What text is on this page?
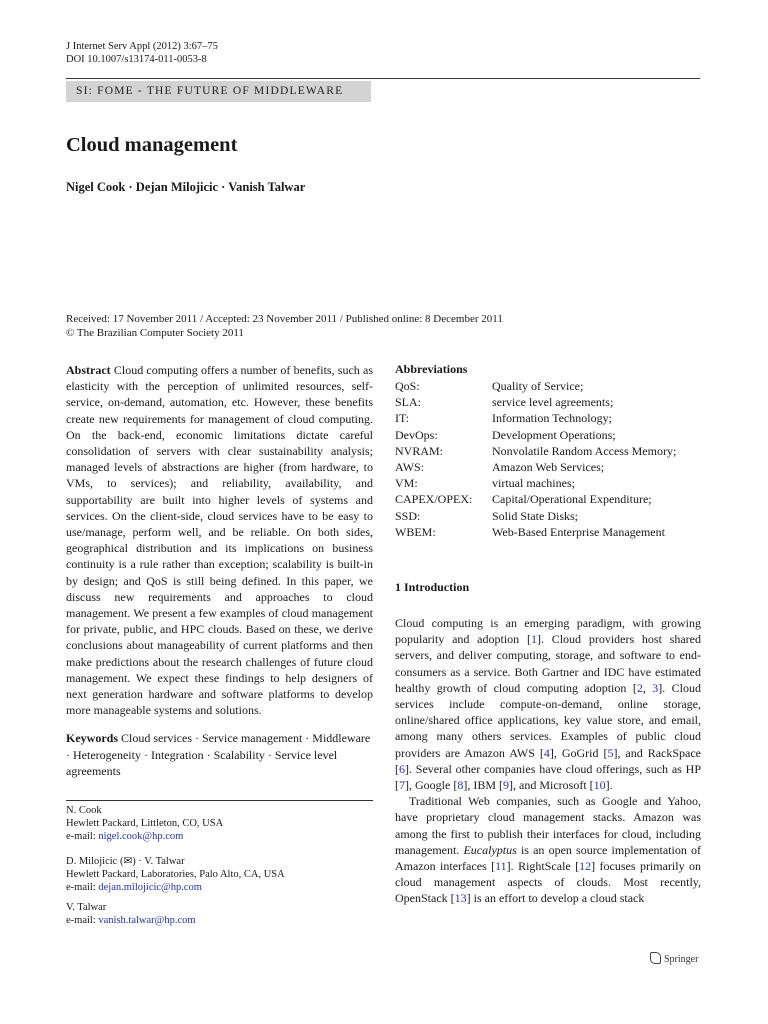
J Internet Serv Appl (2012) 3:67–75
DOI 10.1007/s13174-011-0053-8
SI: FOME - THE FUTURE OF MIDDLEWARE
Cloud management
Nigel Cook · Dejan Milojicic · Vanish Talwar
Received: 17 November 2011 / Accepted: 23 November 2011 / Published online: 8 December 2011
© The Brazilian Computer Society 2011
Abstract Cloud computing offers a number of benefits, such as elasticity with the perception of unlimited resources, self-service, on-demand, automation, etc. However, these benefits create new requirements for management of cloud computing. On the back-end, economic limitations dictate careful consolidation of servers with clear sustainability analysis; managed levels of abstractions are higher (from hardware, to VMs, to services); and reliability, availability, and supportability are built into higher levels of systems and services. On the client-side, cloud services have to be easy to use/manage, perform well, and be reliable. On both sides, geographical distribution and its implications on business continuity is a rule rather than exception; scalability is built-in by design; and QoS is still being defined. In this paper, we discuss new requirements and approaches to cloud management. We present a few examples of cloud management for private, public, and HPC clouds. Based on these, we derive conclusions about manageability of current platforms and then make predictions about the research challenges of future cloud management. We expect these findings to help designers of next generation hardware and software platforms to develop more manageable systems and solutions.
Keywords Cloud services · Service management · Middleware · Heterogeneity · Integration · Scalability · Service level agreements
N. Cook
Hewlett Packard, Littleton, CO, USA
e-mail: nigel.cook@hp.com
D. Milojicic (✉) · V. Talwar
Hewlett Packard, Laboratories, Palo Alto, CA, USA
e-mail: dejan.milojicic@hp.com
V. Talwar
e-mail: vanish.talwar@hp.com
Abbreviations
QoS:	Quality of Service;
SLA:	service level agreements;
IT:	Information Technology;
DevOps:	Development Operations;
NVRAM:	Nonvolatile Random Access Memory;
AWS:	Amazon Web Services;
VM:	virtual machines;
CAPEX/OPEX:	Capital/Operational Expenditure;
SSD:	Solid State Disks;
WBEM:	Web-Based Enterprise Management
1 Introduction

Cloud computing is an emerging paradigm, with growing popularity and adoption [1]. Cloud providers host shared servers, and deliver computing, storage, and software to end-consumers as a service. Both Gartner and IDC have estimated healthy growth of cloud computing adoption [2, 3]. Cloud services include compute-on-demand, online storage, online/shared office applications, key value store, and email, among many others services. Examples of public cloud providers are Amazon AWS [4], GoGrid [5], and RackSpace [6]. Several other companies have cloud offerings, such as HP [7], Google [8], IBM [9], and Microsoft [10].

Traditional Web companies, such as Google and Yahoo, have proprietary cloud management stacks. Amazon was among the first to publish their interfaces for cloud, including management. Eucalyptus is an open source implementation of Amazon interfaces [11]. RightScale [12] focuses primarily on cloud management aspects of clouds. Most recently, OpenStack [13] is an effort to develop a cloud stack

Springer
